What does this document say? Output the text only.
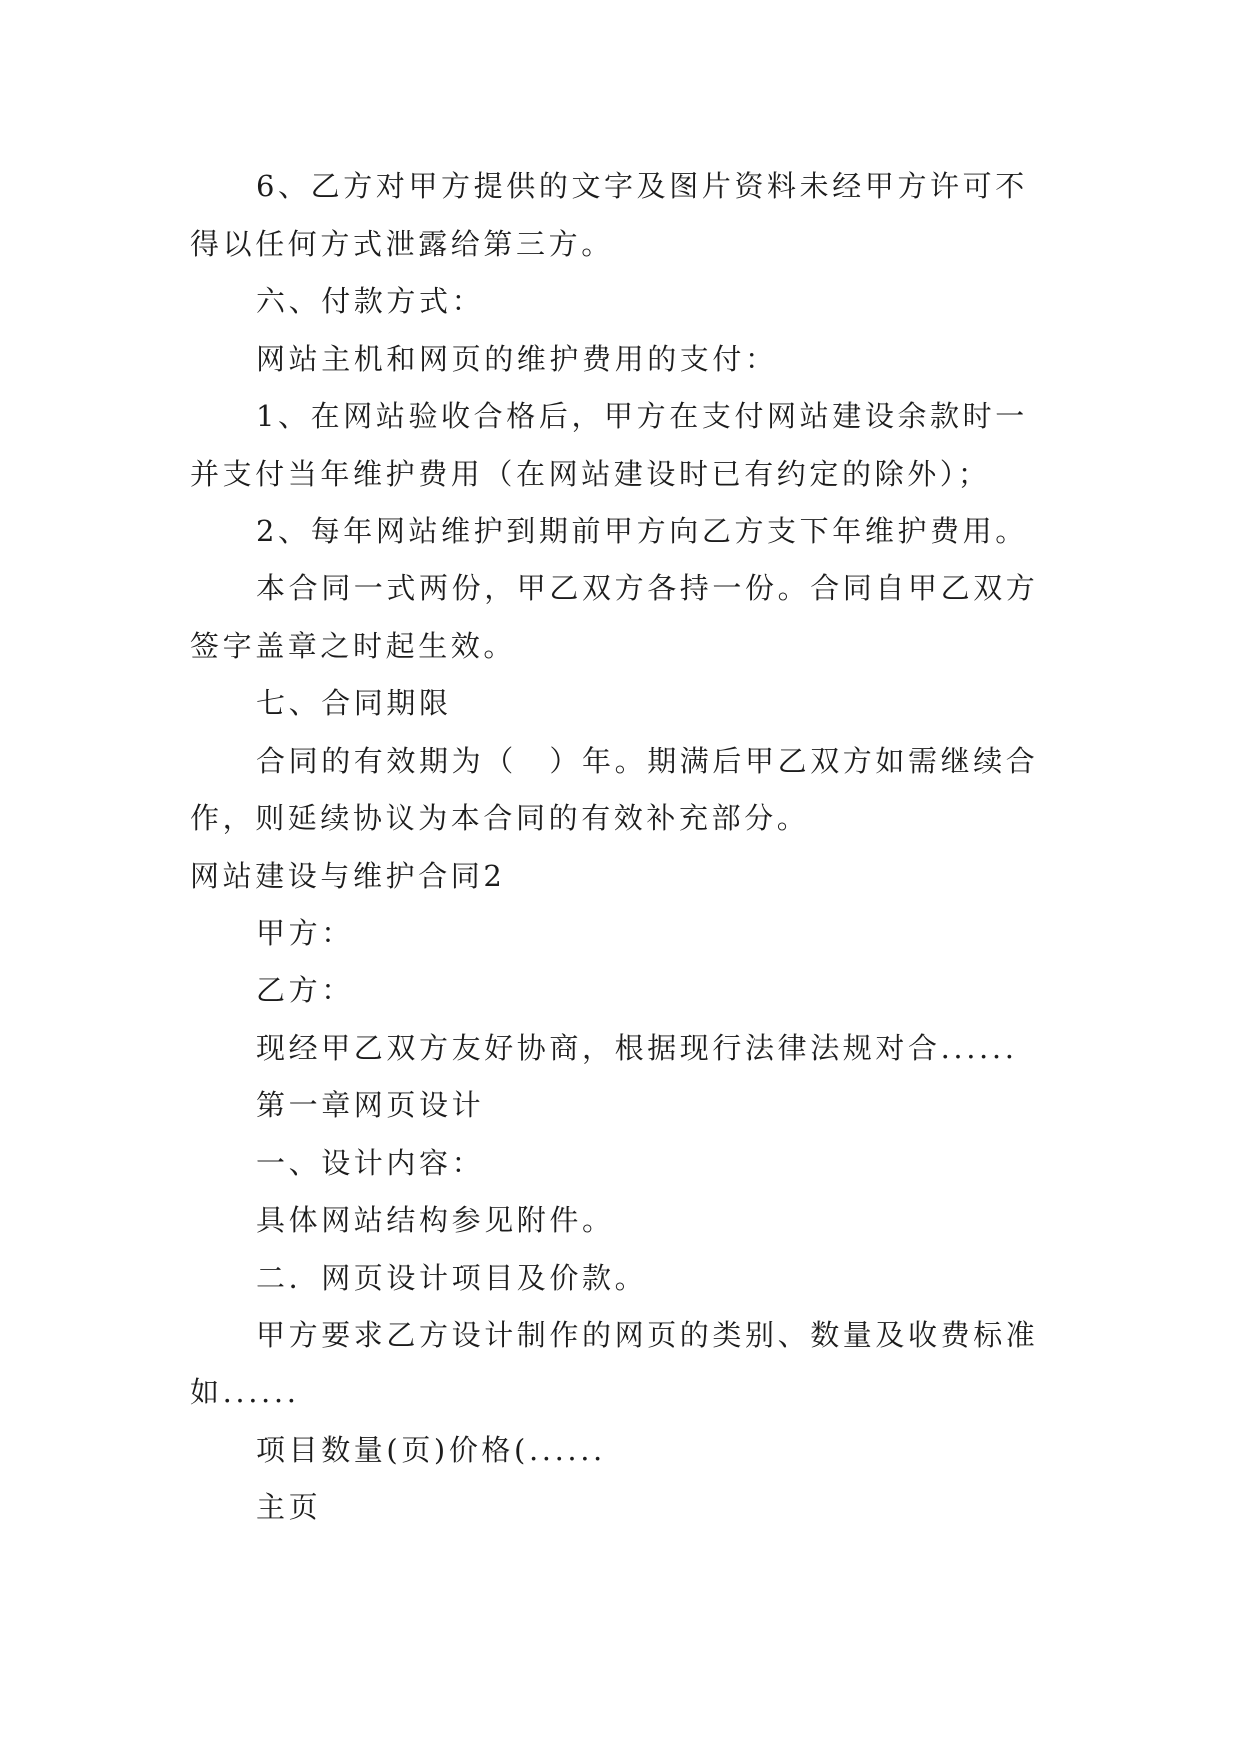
6、乙方对甲方提供的文字及图片资料未经甲方许可不

得以任何方式泄露给第三方。

六、付款方式：

网站主机和网页的维护费用的支付：

1、在网站验收合格后，甲方在支付网站建设余款时一

并支付当年维护费用（在网站建设时已有约定的除外）；

2、每年网站维护到期前甲方向乙方支下年维护费用。

本合同一式两份，甲乙双方各持一份。合同自甲乙双方

签字盖章之时起生效。

七、合同期限

合同的有效期为（　）年。期满后甲乙双方如需继续合

作，则延续协议为本合同的有效补充部分。

网站建设与维护合同2

甲方：

乙方：

现经甲乙双方友好协商，根据现行法律法规对合......

第一章网页设计

一、设计内容：

具体网站结构参见附件。

二．网页设计项目及价款。

甲方要求乙方设计制作的网页的类别、数量及收费标准

如......

项目数量(页)价格(......

主页
